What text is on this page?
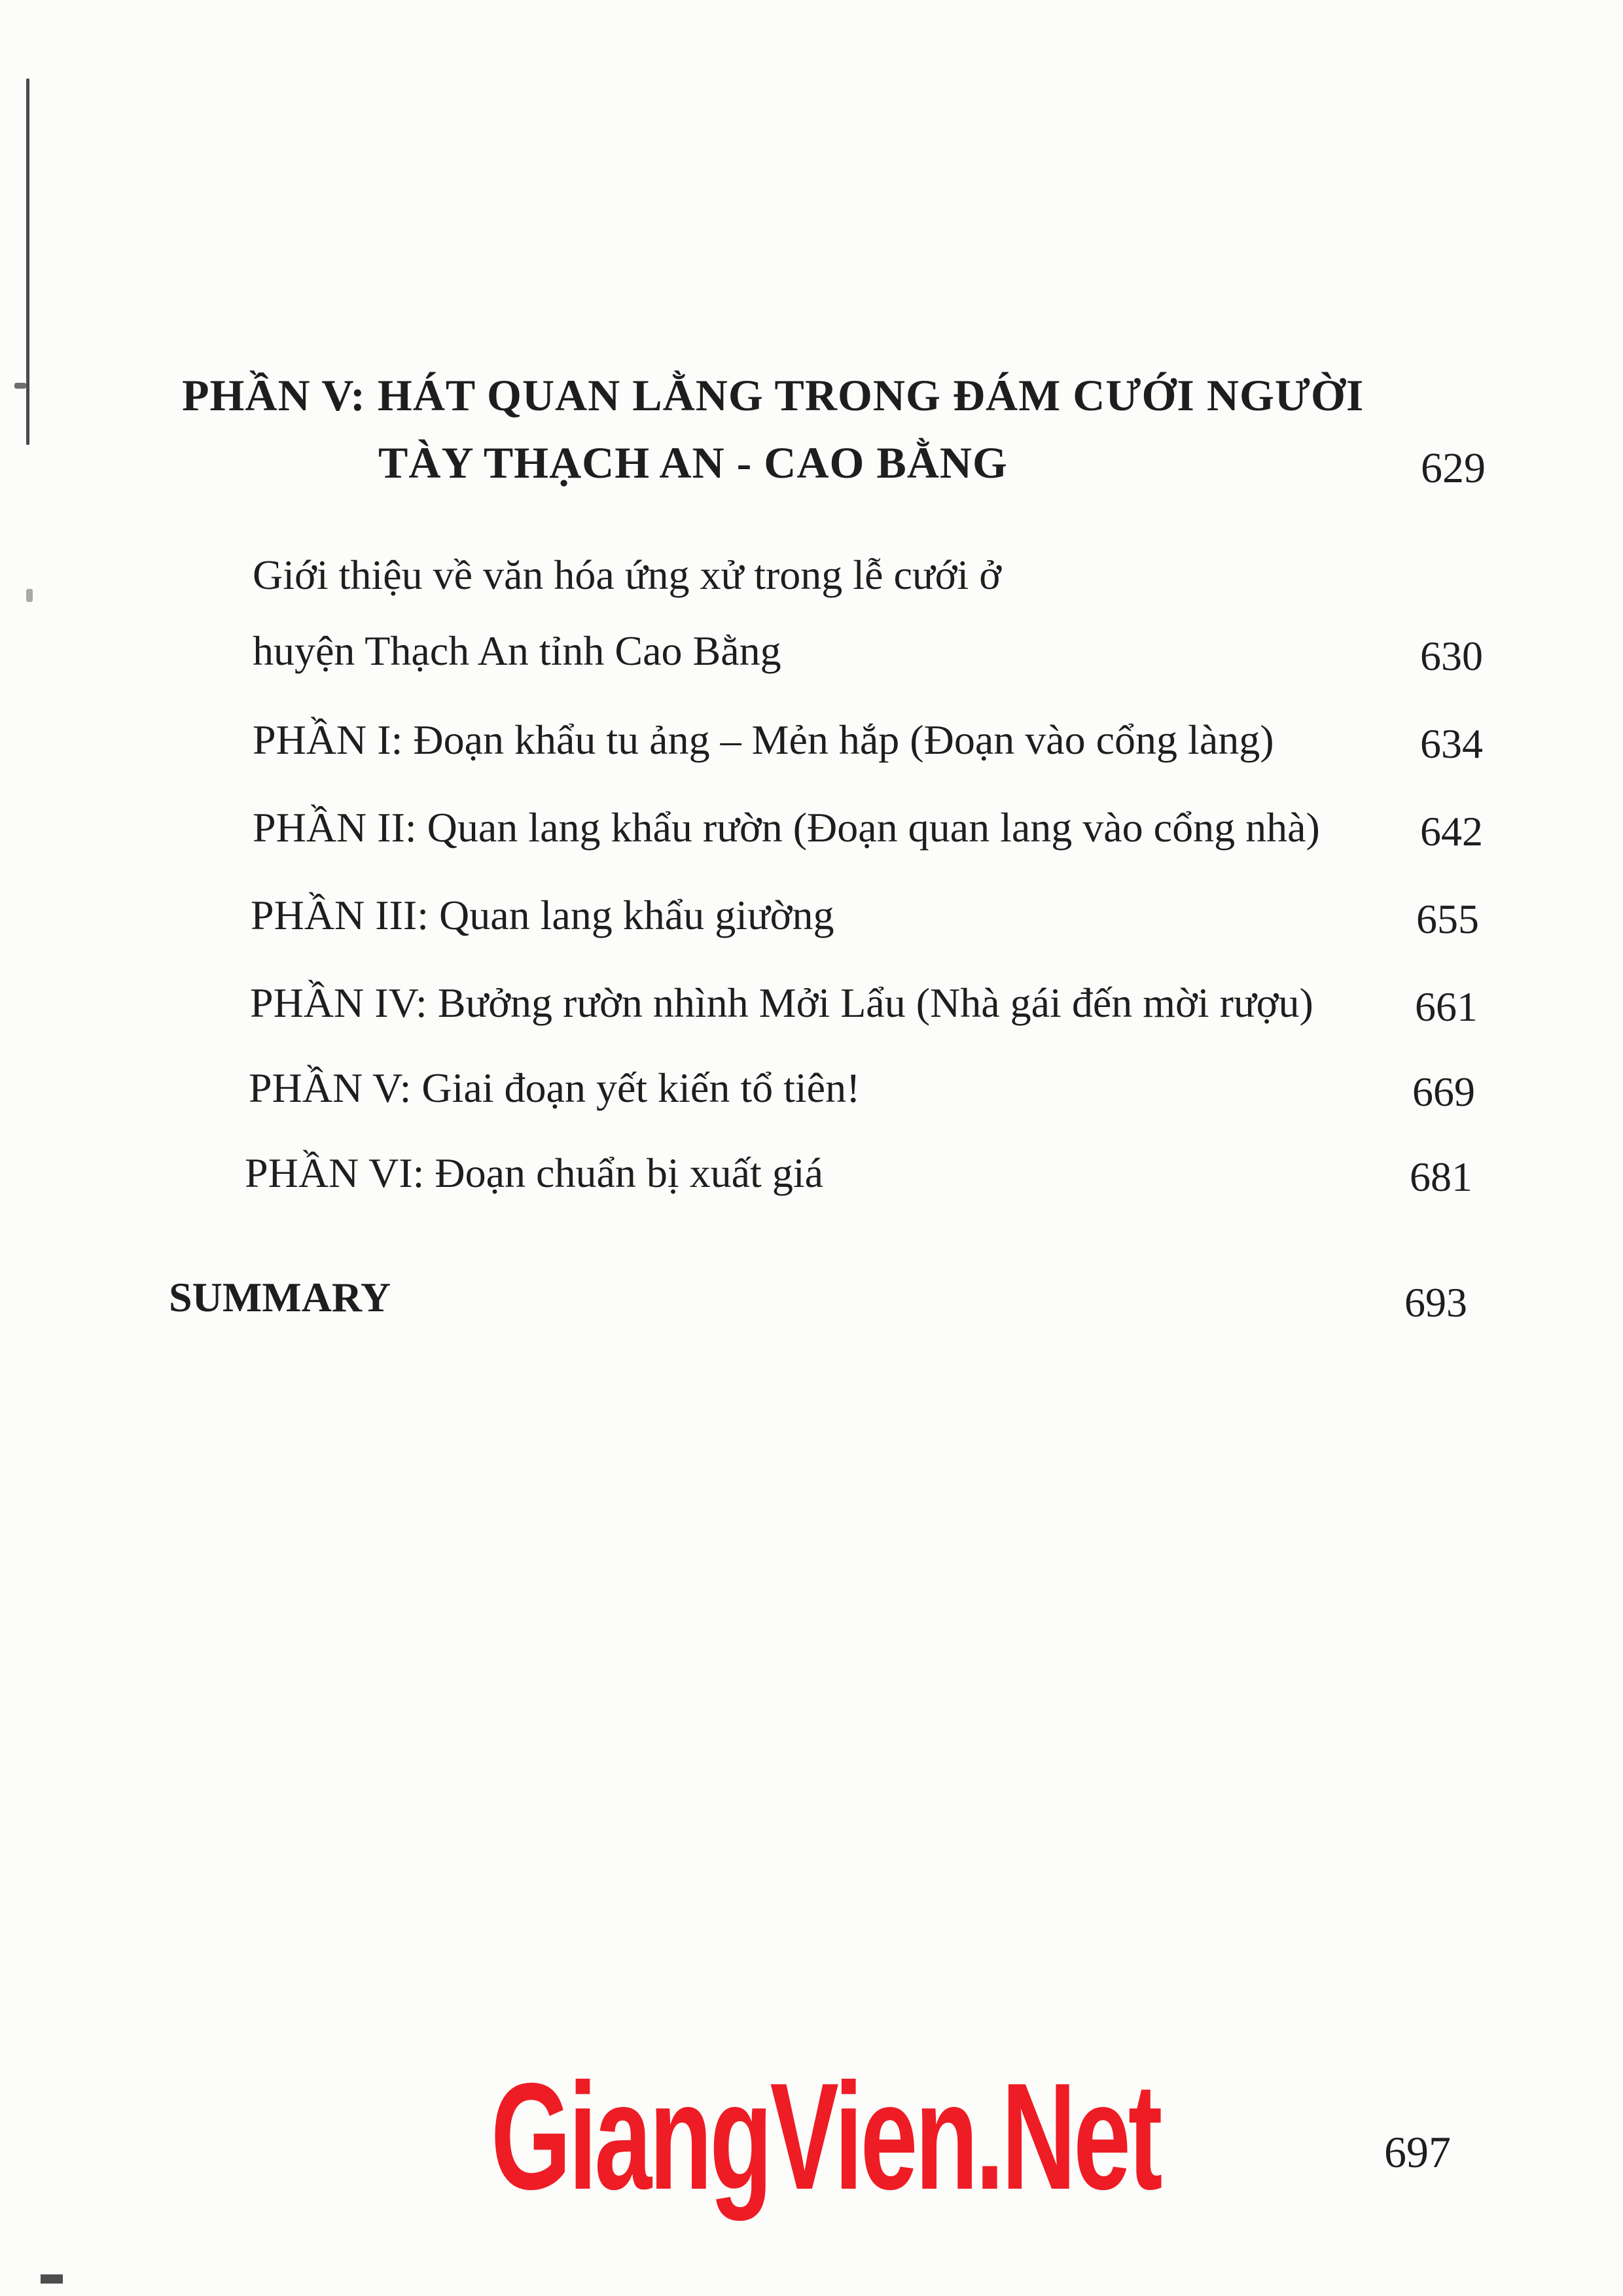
PHẦN V: HÁT QUAN LẰNG TRONG ĐÁM CƯỚI NGƯỜI
TÀY THẠCH AN - CAO BẰNG	629
Giới thiệu về văn hóa ứng xử trong lễ cưới ở
huyện Thạch An tỉnh Cao Bằng	630
PHẦN I: Đoạn khẩu tu ảng – Mẻn hắp (Đoạn vào cổng làng)	634
PHẦN II: Quan lang khẩu rườn (Đoạn quan lang vào cổng nhà) 642
PHẦN III: Quan lang khẩu giường	655
PHẦN IV: Bưởng rườn nhình Mởi Lẩu (Nhà gái đến mời rượu) 661
PHẦN V: Giai đoạn yết kiến tổ tiên!	669
PHẦN VI: Đoạn chuẩn bị xuất giá	681
SUMMARY	693
GiangVien.Net	697
